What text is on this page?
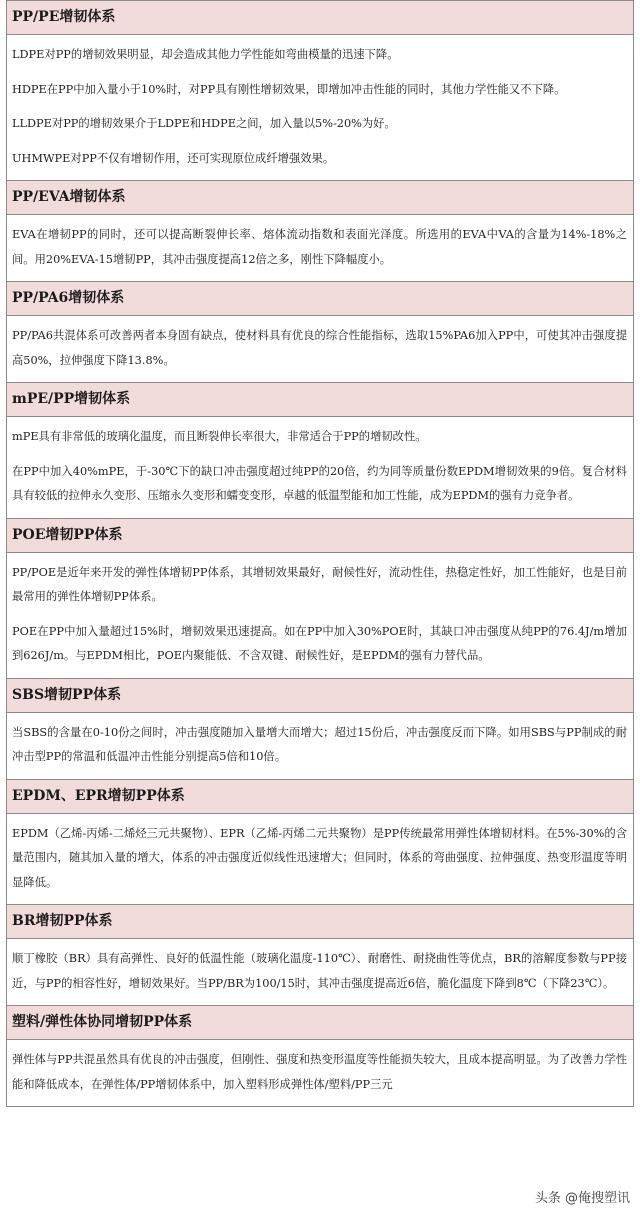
PP/PE增韧体系

LDPE对PP的增韧效果明显，却会造成其他力学性能如弯曲模量的迅速下降。

HDPE在PP中加入量小于10%时，对PP具有刚性增韧效果，即增加冲击性能的同时，其他力学性能又不下降。

LLDPE对PP的增韧效果介于LDPE和HDPE之间，加入量以5%-20%为好。

UHMWPE对PP不仅有增韧作用，还可实现原位成纤增强效果。

PP/EVA增韧体系

EVA在增韧PP的同时，还可以提高断裂伸长率、熔体流动指数和表面光泽度。所选用的EVA中VA的含量为14%-18%之间。用20%EVA-15增韧PP，其冲击强度提高12倍之多，刚性下降幅度小。

PP/PA6增韧体系

PP/PA6共混体系可改善两者本身固有缺点，使材料具有优良的综合性能指标，选取15%PA6加入PP中，可使其冲击强度提高50%，拉伸强度下降13.8%。

mPE/PP增韧体系

mPE具有非常低的玻璃化温度，而且断裂伸长率很大，非常适合于PP的增韧改性。

在PP中加入40%mPE，于-30℃下的缺口冲击强度超过纯PP的20倍，约为同等质量份数EPDM增韧效果的9倍。复合材料具有较低的拉伸永久变形、压缩永久变形和蠕变变形，卓越的低温型能和加工性能，成为EPDM的强有力竞争者。

POE增韧PP体系

PP/POE是近年来开发的弹性体增韧PP体系，其增韧效果最好，耐候性好，流动性佳，热稳定性好，加工性能好，也是目前最常用的弹性体增韧PP体系。

POE在PP中加入量超过15%时，增韧效果迅速提高。如在PP中加入30%POE时，其缺口冲击强度从纯PP的76.4J/m增加到626J/m。与EPDM相比，POE内聚能低、不含双键、耐候性好，是EPDM的强有力替代品。

SBS增韧PP体系

当SBS的含量在0-10份之间时，冲击强度随加入量增大而增大；超过15份后，冲击强度反而下降。如用SBS与PP制成的耐冲击型PP的常温和低温冲击性能分别提高5倍和10倍。

EPDM、EPR增韧PP体系

EPDM（乙烯-丙烯-二烯烃三元共聚物）、EPR（乙烯-丙烯二元共聚物）是PP传统最常用弹性体增韧材料。在5%-30%的含量范围内，随其加入量的增大，体系的冲击强度近似线性迅速增大；但同时，体系的弯曲强度、拉伸强度、热变形温度等明显降低。

BR增韧PP体系

顺丁橡胶（BR）具有高弹性、良好的低温性能（玻璃化温度-110℃）、耐磨性、耐挠曲性等优点，BR的溶解度参数与PP接近，与PP的相容性好，增韧效果好。当PP/BR为100/15时，其冲击强度提高近6倍，脆化温度下降到8℃（下降23℃）。

塑料/弹性体协同增韧PP体系

弹性体与PP共混虽然具有优良的冲击强度，但刚性、强度和热变形温度等性能损失较大，且成本提高明显。为了改善力学性能和降低成本，在弹性体/PP增韧体系中，加入塑料形成弹性体/塑料/PP三元

头条 @俺搜塑讯
